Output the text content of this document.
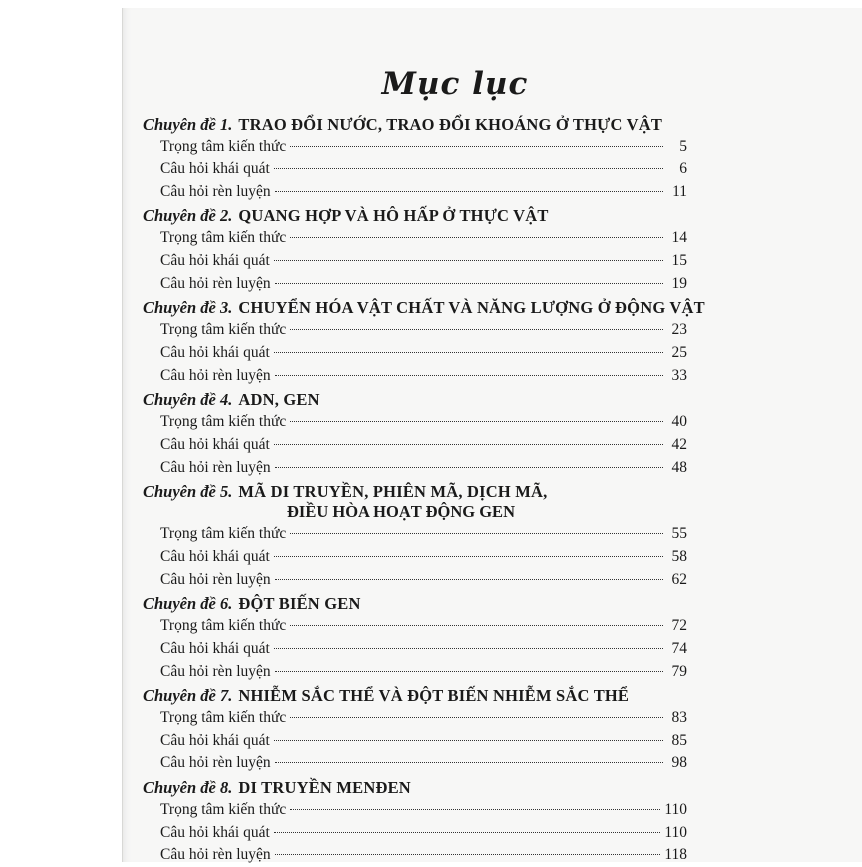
Mục lục
Chuyên đề 1. TRAO ĐỔI NƯỚC, TRAO ĐỔI KHOÁNG Ở THỰC VẬT
Trọng tâm kiến thức	5
Câu hỏi khái quát	6
Câu hỏi rèn luyện	11
Chuyên đề 2. QUANG HỢP VÀ HÔ HẤP Ở THỰC VẬT
Trọng tâm kiến thức	14
Câu hỏi khái quát	15
Câu hỏi rèn luyện	19
Chuyên đề 3. CHUYỂN HÓA VẬT CHẤT VÀ NĂNG LƯỢNG Ở ĐỘNG VẬT
Trọng tâm kiến thức	23
Câu hỏi khái quát	25
Câu hỏi rèn luyện	33
Chuyên đề 4. ADN, GEN
Trọng tâm kiến thức	40
Câu hỏi khái quát	42
Câu hỏi rèn luyện	48
Chuyên đề 5. MÃ DI TRUYỀN, PHIÊN MÃ, DỊCH MÃ,
ĐIỀU HÒA HOẠT ĐỘNG GEN
Trọng tâm kiến thức	55
Câu hỏi khái quát	58
Câu hỏi rèn luyện	62
Chuyên đề 6. ĐỘT BIẾN GEN
Trọng tâm kiến thức	72
Câu hỏi khái quát	74
Câu hỏi rèn luyện	79
Chuyên đề 7. NHIỄM SẮC THỂ VÀ ĐỘT BIẾN NHIỄM SẮC THỂ
Trọng tâm kiến thức	83
Câu hỏi khái quát	85
Câu hỏi rèn luyện	98
Chuyên đề 8. DI TRUYỀN MENĐEN
Trọng tâm kiến thức	110
Câu hỏi khái quát	110
Câu hỏi rèn luyện	118
